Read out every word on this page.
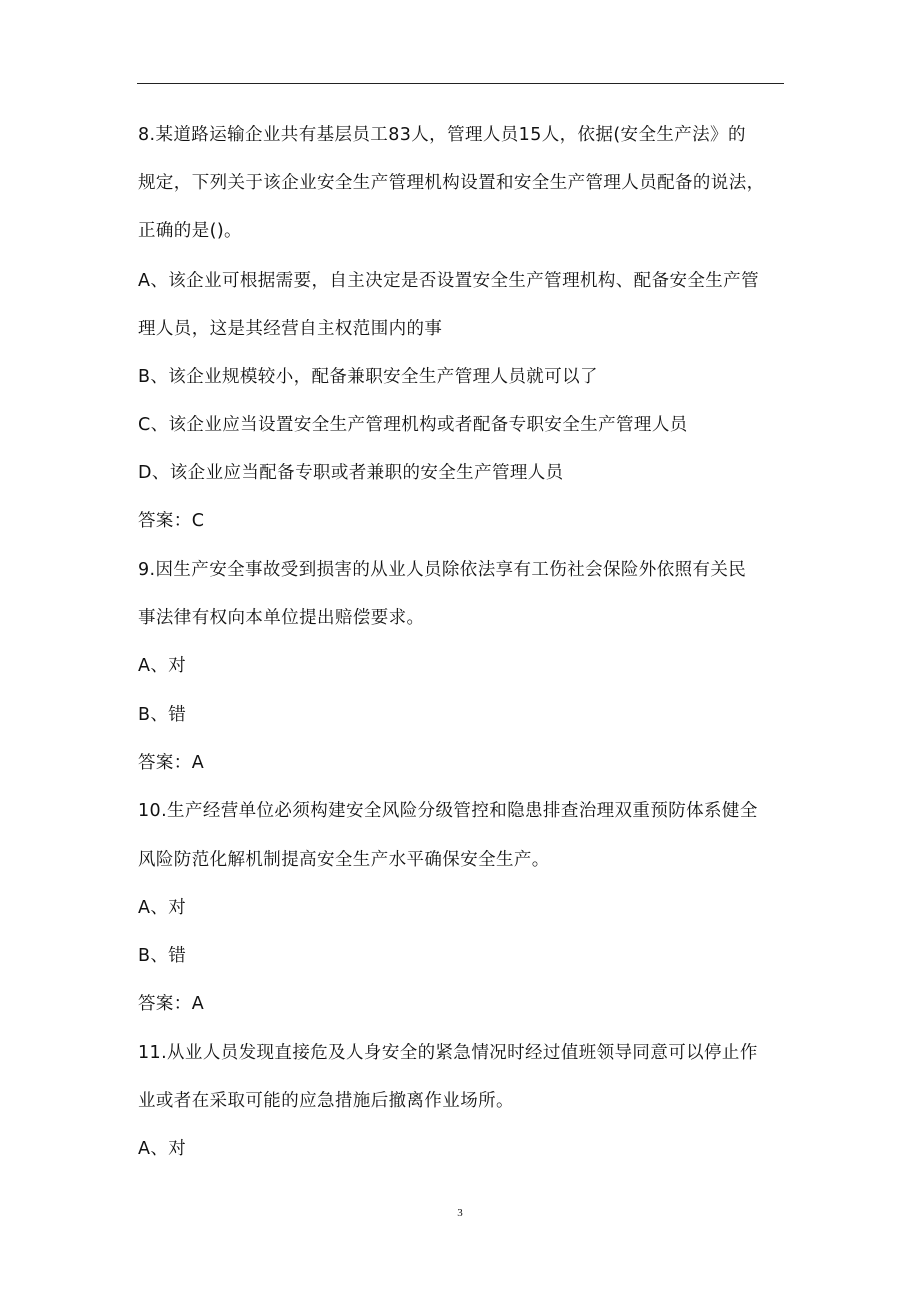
8.某道路运输企业共有基层员工83人，管理人员15人，依据(安全生产法》的
规定，下列关于该企业安全生产管理机构设置和安全生产管理人员配备的说法，
正确的是()。
A、该企业可根据需要，自主决定是否设置安全生产管理机构、配备安全生产管
理人员，这是其经营自主权范围内的事
B、该企业规模较小，配备兼职安全生产管理人员就可以了
C、该企业应当设置安全生产管理机构或者配备专职安全生产管理人员
D、该企业应当配备专职或者兼职的安全生产管理人员
答案：C
9.因生产安全事故受到损害的从业人员除依法享有工伤社会保险外依照有关民
事法律有权向本单位提出赔偿要求。
A、对
B、错
答案：A
10.生产经营单位必须构建安全风险分级管控和隐患排查治理双重预防体系健全
风险防范化解机制提高安全生产水平确保安全生产。
A、对
B、错
答案：A
11.从业人员发现直接危及人身安全的紧急情况时经过值班领导同意可以停止作
业或者在采取可能的应急措施后撤离作业场所。
A、对
3
